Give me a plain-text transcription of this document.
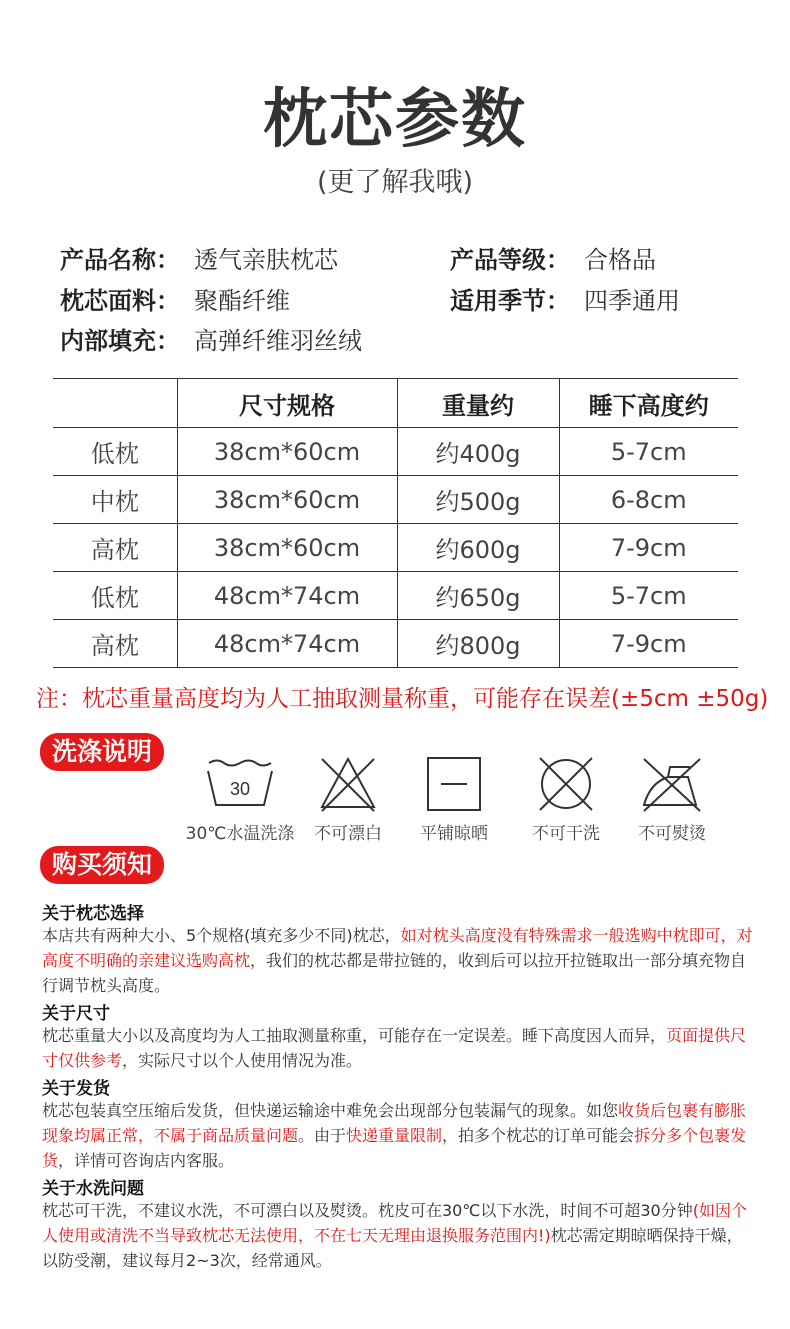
枕芯参数
(更了解我哦)
产品名称： 透气亲肤枕芯	产品等级： 合格品
枕芯面料： 聚酯纤维	适用季节： 四季通用
内部填充： 高弹纤维羽丝绒
	尺寸规格	重量约	睡下高度约
低枕	38cm*60cm	约400g	5-7cm
中枕	38cm*60cm	约500g	6-8cm
高枕	38cm*60cm	约600g	7-9cm
低枕	48cm*74cm	约650g	5-7cm
高枕	48cm*74cm	约800g	7-9cm
注：枕芯重量高度均为人工抽取测量称重，可能存在误差(±5cm ±50g)
洗涤说明
30
30℃水温洗涤	不可漂白	平铺晾晒	不可干洗	不可熨烫
购买须知
关于枕芯选择
本店共有两种大小、5个规格(填充多少不同)枕芯，如对枕头高度没有特殊需求一般选购中枕即可，对高度不明确的亲建议选购高枕，我们的枕芯都是带拉链的，收到后可以拉开拉链取出一部分填充物自行调节枕头高度。
关于尺寸
枕芯重量大小以及高度均为人工抽取测量称重，可能存在一定误差。睡下高度因人而异，页面提供尺寸仅供参考，实际尺寸以个人使用情况为准。
关于发货
枕芯包装真空压缩后发货，但快递运输途中难免会出现部分包装漏气的现象。如您收货后包裹有膨胀现象均属正常，不属于商品质量问题。由于快递重量限制，拍多个枕芯的订单可能会拆分多个包裹发货，详情可咨询店内客服。
关于水洗问题
枕芯可干洗，不建议水洗，不可漂白以及熨烫。枕皮可在30℃以下水洗，时间不可超30分钟(如因个人使用或清洗不当导致枕芯无法使用，不在七天无理由退换服务范围内!)枕芯需定期晾晒保持干燥，以防受潮，建议每月2~3次，经常通风。
